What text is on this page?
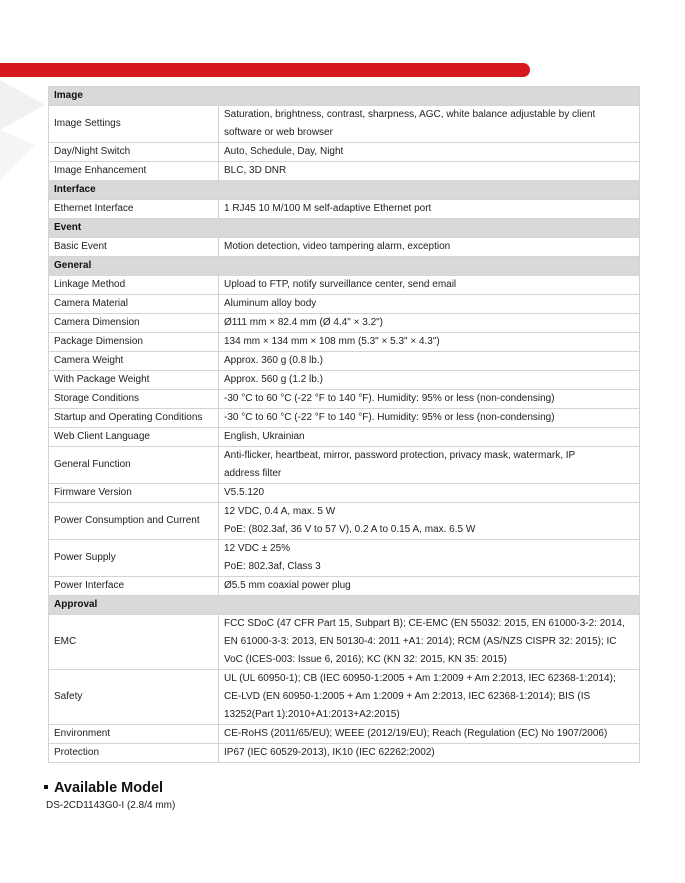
Image	
Image Settings	Saturation, brightness, contrast, sharpness, AGC, white balance adjustable by client
software or web browser

Day/Night Switch	Auto, Schedule, Day, Night

Image Enhancement	BLC, 3D DNR

Interface	
Ethernet Interface	1 RJ45 10 M/100 M self-adaptive Ethernet port

Event	
Basic Event	Motion detection, video tampering alarm, exception

General	
Linkage Method	Upload to FTP, notify surveillance center, send email

Camera Material	Aluminum alloy body

Camera Dimension	Ø111 mm × 82.4 mm (Ø 4.4" × 3.2")

Package Dimension	134 mm × 134 mm × 108 mm (5.3" × 5.3" × 4.3")

Camera Weight	Approx. 360 g (0.8 lb.)

With Package Weight	Approx. 560 g (1.2 lb.)

Storage Conditions	-30 °C to 60 °C (-22 °F to 140 °F). Humidity: 95% or less (non-condensing)

Startup and Operating Conditions	-30 °C to 60 °C (-22 °F to 140 °F). Humidity: 95% or less (non-condensing)

Web Client Language	English, Ukrainian

General Function	Anti-flicker, heartbeat, mirror, password protection, privacy mask, watermark, IP
address filter

Firmware Version	V5.5.120

Power Consumption and Current	12 VDC, 0.4 A, max. 5 W
PoE: (802.3af, 36 V to 57 V), 0.2 A to 0.15 A, max. 6.5 W

Power Supply	12 VDC ± 25%
PoE: 802.3af, Class 3

Power Interface	Ø5.5 mm coaxial power plug

Approval	
EMC	FCC SDoC (47 CFR Part 15, Subpart B); CE-EMC (EN 55032: 2015, EN 61000-3-2: 2014,
EN 61000-3-3: 2013, EN 50130-4: 2011 +A1: 2014); RCM (AS/NZS CISPR 32: 2015); IC
VoC (ICES-003: Issue 6, 2016); KC (KN 32: 2015, KN 35: 2015)

Safety	UL (UL 60950-1); CB (IEC 60950-1:2005 + Am 1:2009 + Am 2:2013, IEC 62368-1:2014);
CE-LVD (EN 60950-1:2005 + Am 1:2009 + Am 2:2013, IEC 62368-1:2014); BIS (IS
13252(Part 1):2010+A1:2013+A2:2015)

Environment	CE-RoHS (2011/65/EU); WEEE (2012/19/EU); Reach (Regulation (EC) No 1907/2006)

Protection	IP67 (IEC 60529-2013), IK10 (IEC 62262:2002)
Available Model
DS-2CD1143G0-I (2.8/4 mm)
